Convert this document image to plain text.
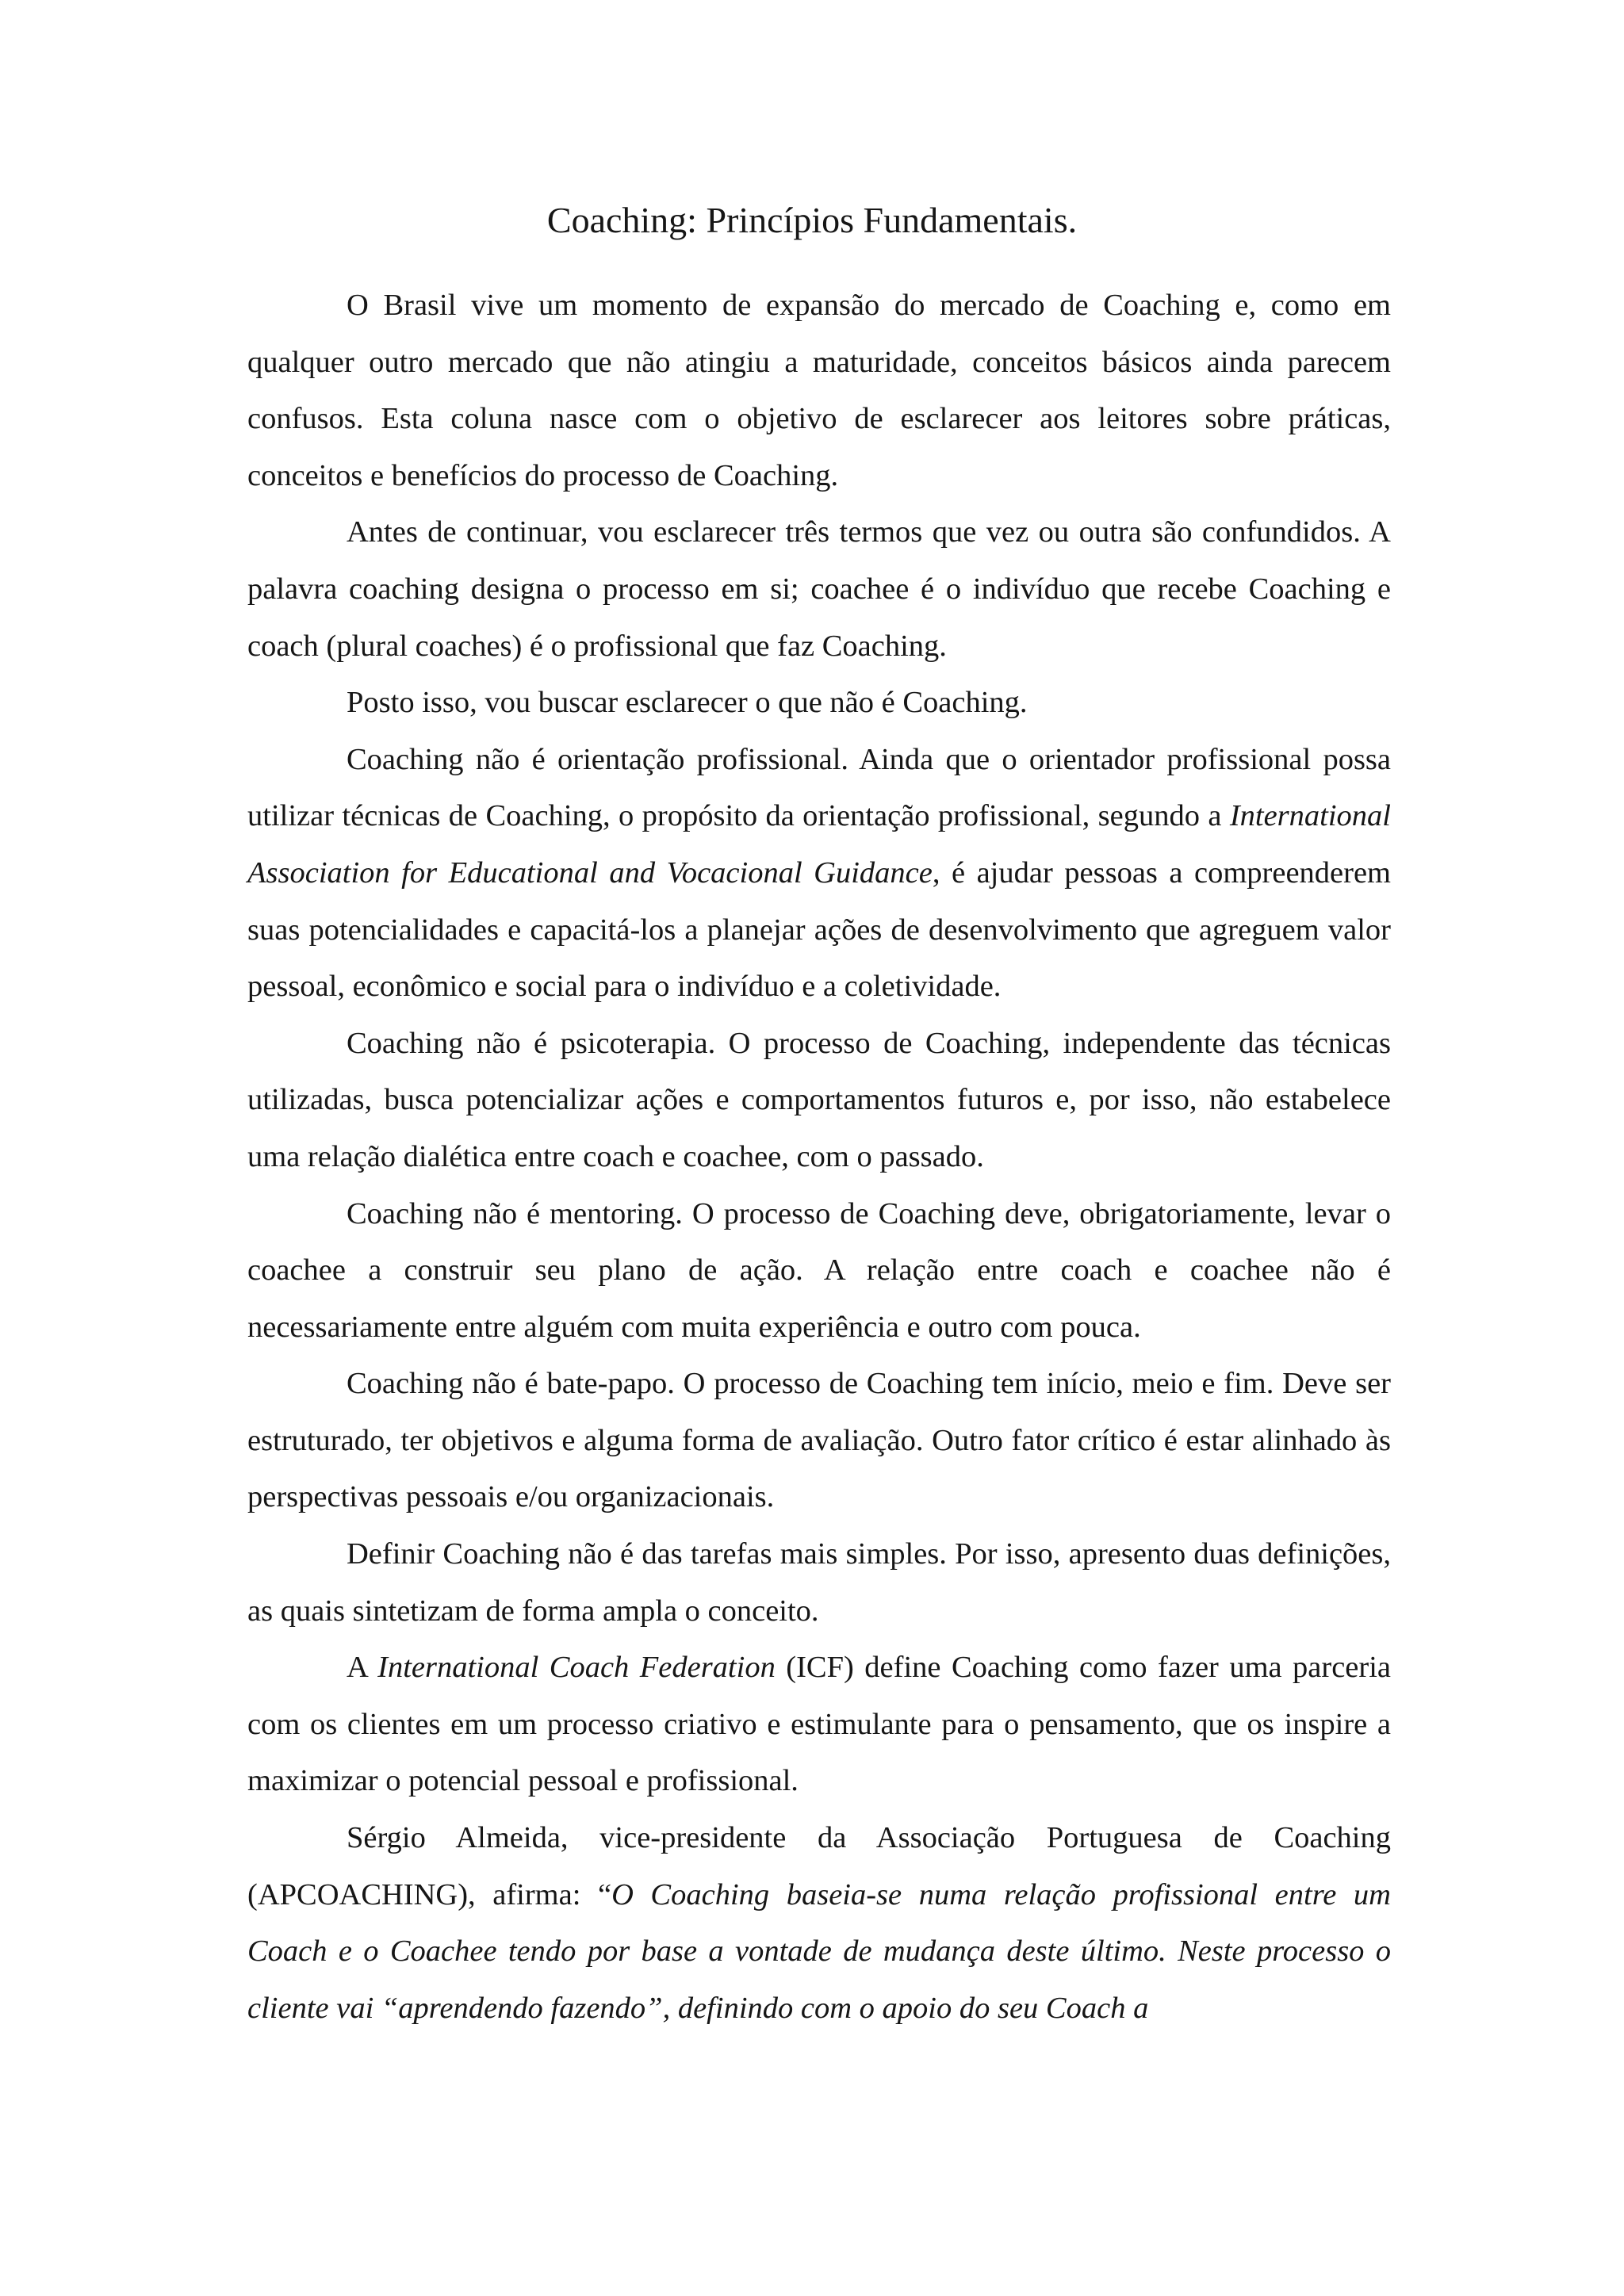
Coaching: Princípios Fundamentais.

O Brasil vive um momento de expansão do mercado de Coaching e, como em qualquer outro mercado que não atingiu a maturidade, conceitos básicos ainda parecem confusos. Esta coluna nasce com o objetivo de esclarecer aos leitores sobre práticas, conceitos e benefícios do processo de Coaching.

Antes de continuar, vou esclarecer três termos que vez ou outra são confundidos. A palavra coaching designa o processo em si; coachee é o indivíduo que recebe Coaching e coach (plural coaches) é o profissional que faz Coaching.

Posto isso, vou buscar esclarecer o que não é Coaching.

Coaching não é orientação profissional. Ainda que o orientador profissional possa utilizar técnicas de Coaching, o propósito da orientação profissional, segundo a International Association for Educational and Vocacional Guidance, é ajudar pessoas a compreenderem suas potencialidades e capacitá-los a planejar ações de desenvolvimento que agreguem valor pessoal, econômico e social para o indivíduo e a coletividade.

Coaching não é psicoterapia. O processo de Coaching, independente das técnicas utilizadas, busca potencializar ações e comportamentos futuros e, por isso, não estabelece uma relação dialética entre coach e coachee, com o passado.

Coaching não é mentoring. O processo de Coaching deve, obrigatoriamente, levar o coachee a construir seu plano de ação. A relação entre coach e coachee não é necessariamente entre alguém com muita experiência e outro com pouca.

Coaching não é bate-papo. O processo de Coaching tem início, meio e fim. Deve ser estruturado, ter objetivos e alguma forma de avaliação. Outro fator crítico é estar alinhado às perspectivas pessoais e/ou organizacionais.

Definir Coaching não é das tarefas mais simples. Por isso, apresento duas definições, as quais sintetizam de forma ampla o conceito.

A International Coach Federation (ICF) define Coaching como fazer uma parceria com os clientes em um processo criativo e estimulante para o pensamento, que os inspire a maximizar o potencial pessoal e profissional.

Sérgio Almeida, vice-presidente da Associação Portuguesa de Coaching (APCOACHING), afirma: “O Coaching baseia-se numa relação profissional entre um Coach e o Coachee tendo por base a vontade de mudança deste último. Neste processo o cliente vai “aprendendo fazendo”, definindo com o apoio do seu Coach a
